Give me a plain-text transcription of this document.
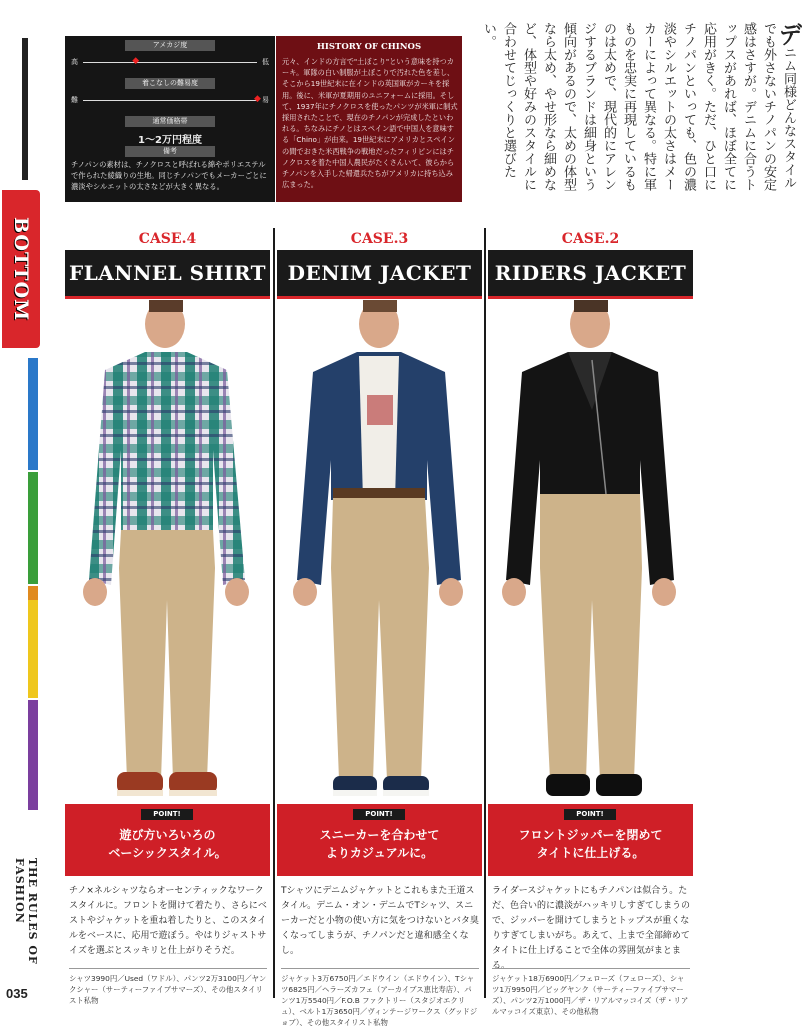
BOTTOM
THE RULES OF FASHION
035
アメカジ度
高	低
◆
着こなしの難易度
難	易
◆
通常価格帯
1〜2万円程度
備考
チノパンの素材は、チノクロスと呼ばれる綿やポリエステルで作られた綾織りの生地。同じチノパンでもメーカーごとに濃淡やシルエットの太さなどが大きく異なる。
HISTORY OF CHINOS

元々、インドの方言で"土ぼこり"という意味を持つカーキ。軍隊の白い制服が土ぼこりで汚れた色を差し、そこから19世紀末に在インドの英国軍がカーキを採用。後に、米軍が夏期用のユニフォームに採用。そして、1937年にチノクロスを使ったパンツが米軍に制式採用されたことで、現在のチノパンが完成したといわれる。ちなみにチノとはスペイン語で中国人を意味する「Chino」が由来。19世紀末にアメリカとスペインの間でおきた米西戦争の戦地だったフィリピンにはチノクロスを着た中国人農民がたくさんいて、彼らからチノパンを入手した帰還兵たちがアメリカに持ち込み広まった。

デニム同様どんなスタイルでも外さないチノパンの安定感はさすが。デニムに合うトップスがあれば、ほぼ全てに応用がきく。ただ、ひと口にチノパンといっても、色の濃淡やシルエットの太さはメーカーによって異なる。特に軍ものを忠実に再現しているものは太めで、現代的にアレンジするブランドは細身という傾向があるので、太めの体型なら太め、やせ形なら細めなど、体型や好みのスタイルに合わせてじっくりと選びたい。
CASE.4
FLANNEL SHIRT
POINT!
遊び方いろいろの
ベーシックスタイル。
チノ×ネルシャツならオーセンティックなワークスタイルに。フロントを開けて着たり、さらにベストやジャケットを重ね着したりと、このスタイルをベースに、応用で遊ぼう。やはりジャストサイズを選ぶとスッキリと仕上がりそうだ。
シャツ3990円／Used（ワドル）、パンツ2万3100円／ヤンクシャー（サーティーファイブサマーズ）、その他スタイリスト私物
CASE.3
DENIM JACKET
POINT!
スニーカーを合わせて
よりカジュアルに。
Tシャツにデニムジャケットとこれもまた王道スタイル。デニム・オン・デニムでTシャツ、スニーカーだと小物の使い方に気をつけないとバタ臭くなってしまうが、チノパンだと違和感全くなし。
ジャケット3万6750円／エドウイン（エドウイン）、Tシャツ6825円／ヘラーズカフェ（アーカイブス恵比寿店）、パンツ1万5540円／F.O.B ファクトリー（スタジオエクリュ）、ベルト1万3650円／ヴィンテージワークス（グッドジョブ）、その他スタイリスト私物
CASE.2
RIDERS JACKET
POINT!
フロントジッパーを閉めて
タイトに仕上げる。
ライダースジャケットにもチノパンは似合う。ただ、色合い的に濃淡がハッキリしすぎてしまうので、ジッパーを開けてしまうとトップスが重くなりすぎてしまいがち。あえて、上まで全部締めてタイトに仕上げることで全体の雰囲気がまとまる。
ジャケット18万6900円／フェローズ（フェローズ）、シャツ1万9950円／ビッグヤンク（サーティーファイブサマーズ）、パンツ2万1000円／ザ・リアルマッコイズ（ザ・リアルマッコイズ東京）、その他私物
